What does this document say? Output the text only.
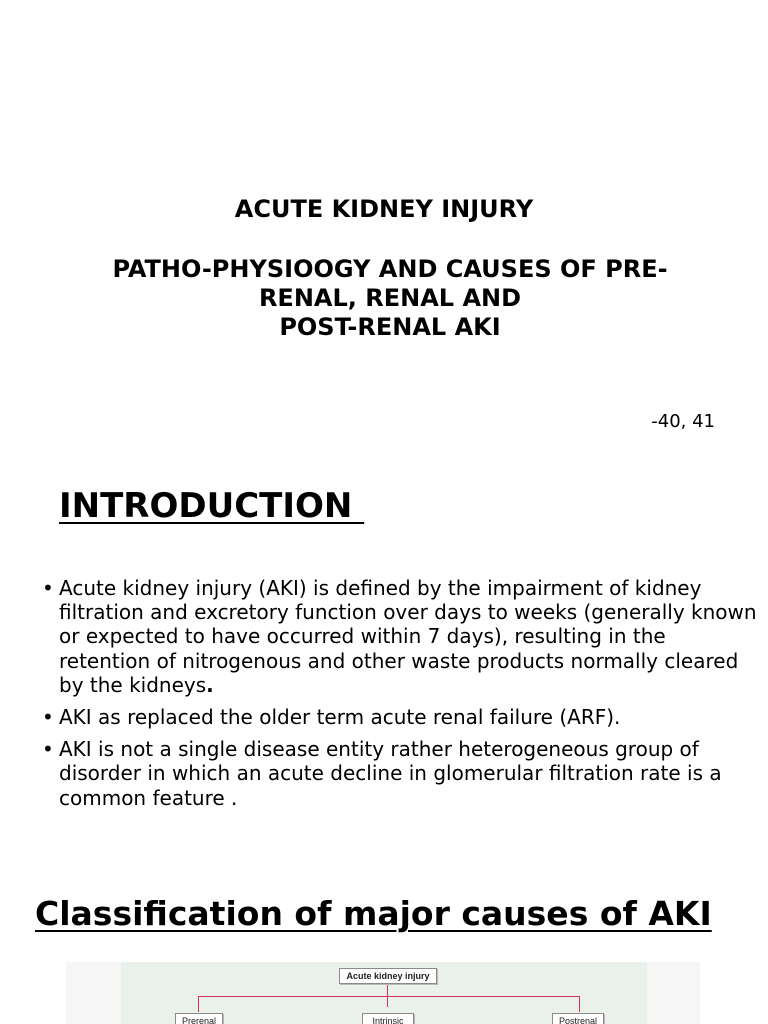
ACUTE KIDNEY INJURY
PATHO-PHYSIOOGY AND CAUSES OF PRE-
RENAL, RENAL AND
POST-RENAL AKI
-40, 41
INTRODUCTION
• Acute kidney injury (AKI) is defined by the impairment of kidney filtration and excretory function over days to weeks (generally known or expected to have occurred within 7 days), resulting in the retention of nitrogenous and other waste products normally cleared by the kidneys.
• AKI as replaced the older term acute renal failure (ARF).
• AKI is not a single disease entity rather heterogeneous group of disorder in which an acute decline in glomerular filtration rate is a common feature .
Classification of major causes of AKI
Acute kidney injury
Prerenal	Intrinsic	Postrenal
